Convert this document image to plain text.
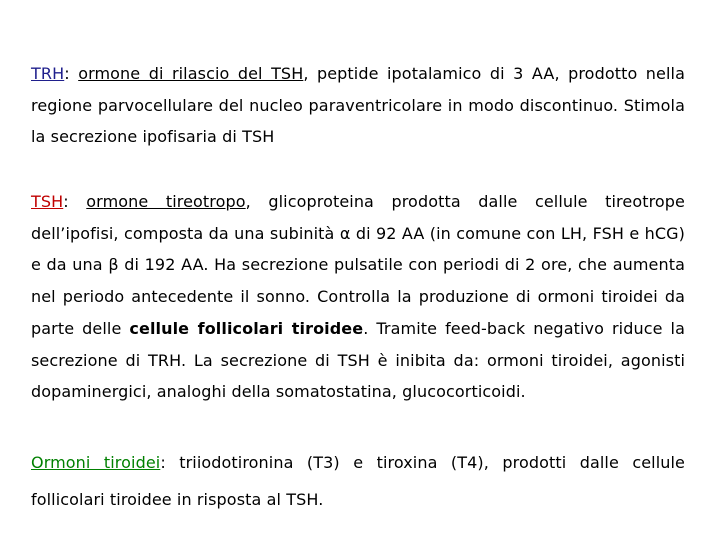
TRH: ormone di rilascio del TSH, peptide ipotalamico di 3 AA, prodotto nella regione parvocellulare del nucleo paraventricolare in modo discontinuo. Stimola la secrezione ipofisaria di TSH
TSH: ormone tireotropo, glicoproteina prodotta dalle cellule tireotrope dell’ipofisi, composta da una subinità α di 92 AA (in comune con LH, FSH e hCG) e da una β di 192 AA. Ha secrezione pulsatile con periodi di 2 ore, che aumenta nel periodo antecedente il sonno. Controlla la produzione di ormoni tiroidei da parte delle cellule follicolari tiroidee. Tramite feed-back negativo riduce la secrezione di TRH. La secrezione di TSH è inibita da: ormoni tiroidei, agonisti dopaminergici, analoghi della somatostatina, glucocorticoidi.
Ormoni tiroidei: triiodotironina (T3) e tiroxina (T4), prodotti dalle cellule follicolari tiroidee in risposta al TSH.
